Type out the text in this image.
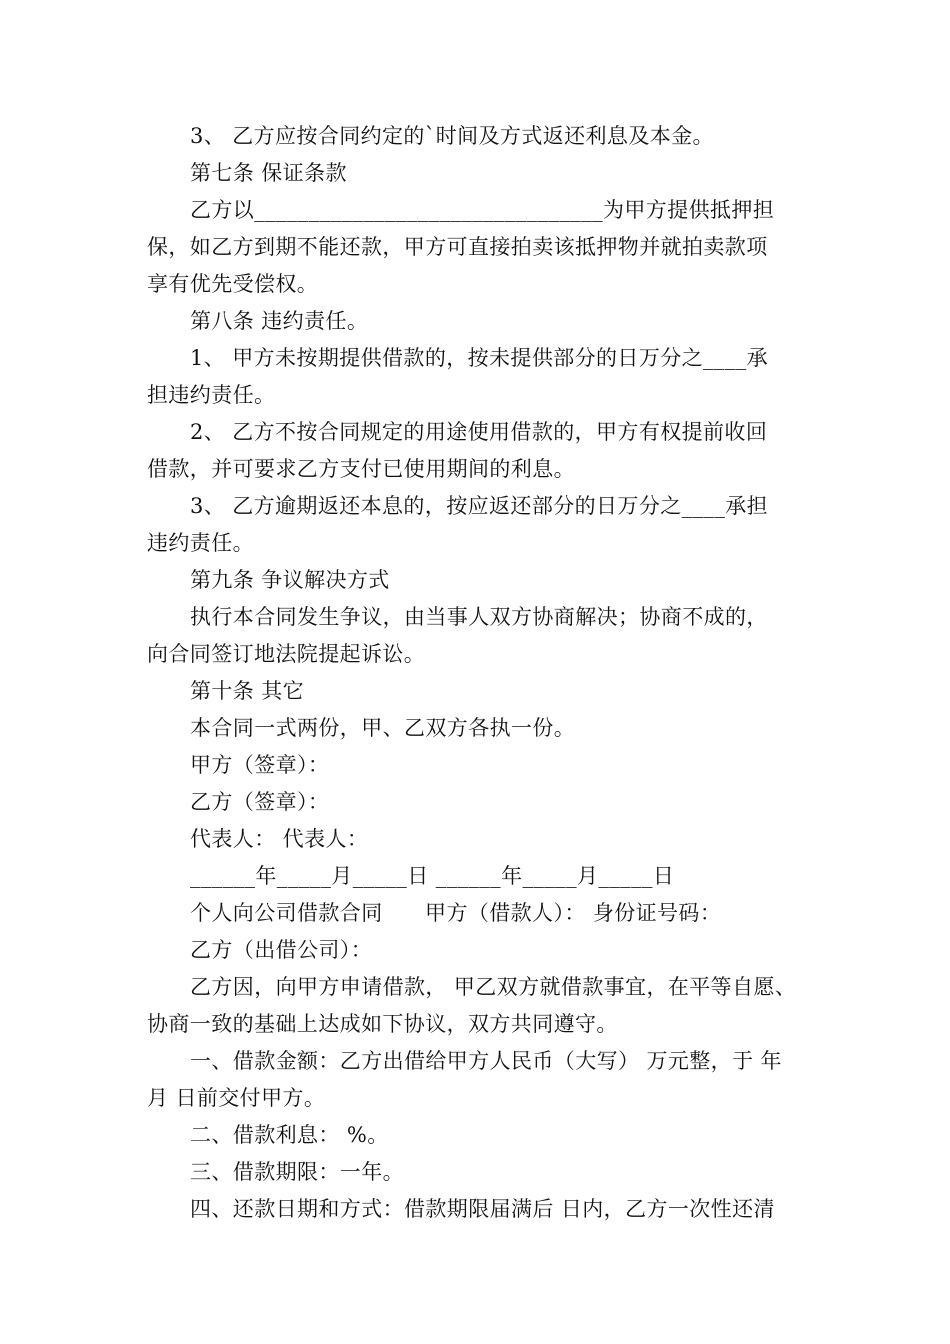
3、 乙方应按合同约定的`时间及方式返还利息及本金。
第七条 保证条款
乙方以________________________________为甲方提供抵押担
保，如乙方到期不能还款，甲方可直接拍卖该抵押物并就拍卖款项
享有优先受偿权。
第八条 违约责任。
1、 甲方未按期提供借款的，按未提供部分的日万分之____承
担违约责任。
2、 乙方不按合同规定的用途使用借款的，甲方有权提前收回
借款，并可要求乙方支付已使用期间的利息。
3、 乙方逾期返还本息的，按应返还部分的日万分之____承担
违约责任。
第九条 争议解决方式
执行本合同发生争议，由当事人双方协商解决；协商不成的，
向合同签订地法院提起诉讼。
第十条 其它
本合同一式两份，甲、乙双方各执一份。
甲方（签章）：
乙方（签章）：
代表人： 代表人：
______年_____月_____日 ______年_____月_____日
个人向公司借款合同      甲方（借款人）： 身份证号码：
乙方（出借公司）：
乙方因，向甲方申请借款， 甲乙双方就借款事宜，在平等自愿、
协商一致的基础上达成如下协议，双方共同遵守。
一、借款金额：乙方出借给甲方人民币（大写） 万元整，于 年
月 日前交付甲方。
二、借款利息： %。
三、借款期限：一年。
四、还款日期和方式：借款期限届满后 日内，乙方一次性还清
